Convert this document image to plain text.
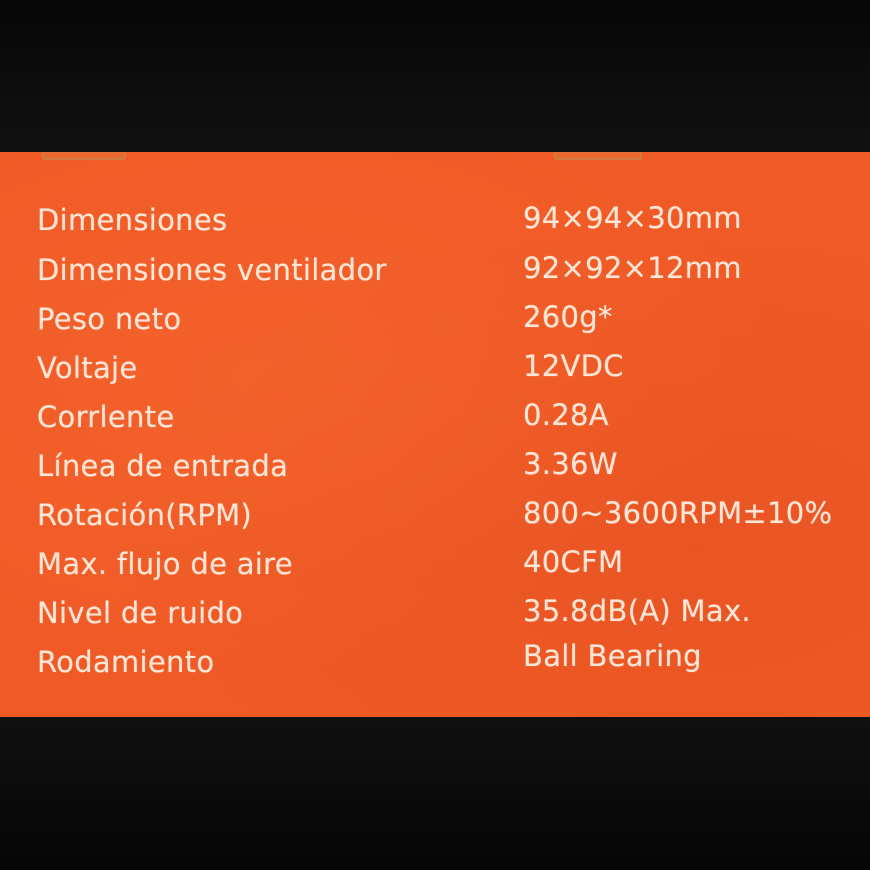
Dimensiones	94×94×30mm
Dimensiones ventilador	92×92×12mm
Peso neto	260g*
Voltaje	12VDC
Corrlente	0.28A
Línea de entrada	3.36W
Rotación(RPM)	800~3600RPM±10%
Max. flujo de aire	40CFM
Nivel de ruido	35.8dB(A) Max.
Rodamiento	Ball Bearing
